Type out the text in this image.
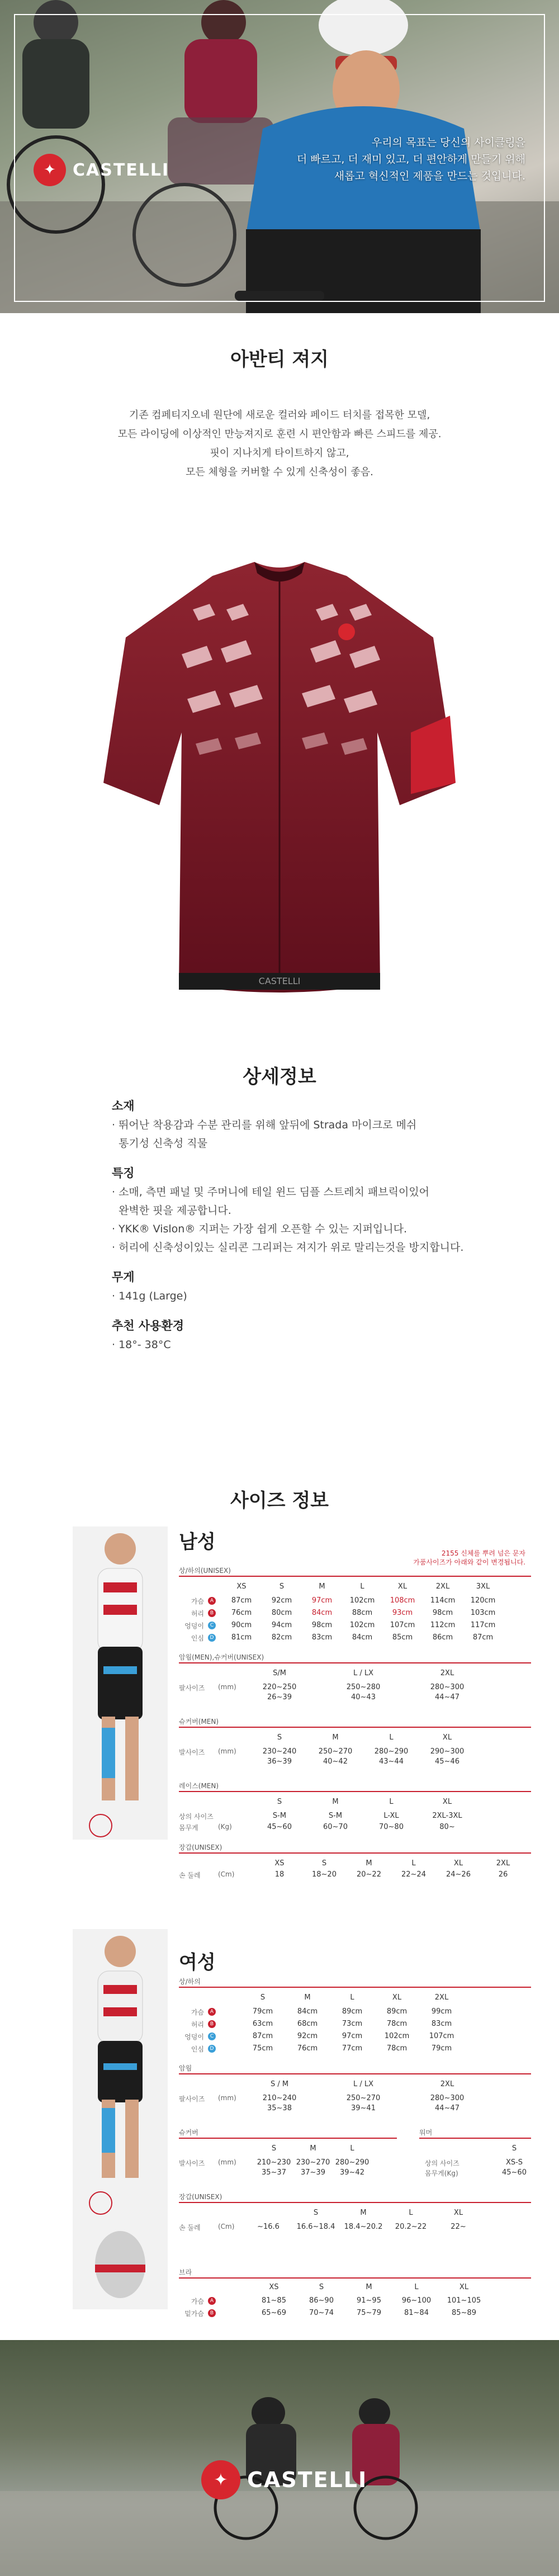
✦	CASTELLI
우리의 목표는 당신의 사이클링을
더 빠르고, 더 재미 있고, 더 편안하게 만들기 위해
새롭고 혁신적인 제품을 만드는 것입니다.
아반티 져지
기존 컴페티지오네 원단에 새로운 컬러와 페이드 터치를 접목한 모델,
모든 라이딩에 이상적인 만능져지로 훈련 시 편안함과 빠른 스피드를 제공.
핏이 지나치게 타이트하지 않고,
모든 체형을 커버할 수 있게 신축성이 좋음.
CASTELLI
상세정보
소재
· 뛰어난 착용감과 수분 관리를 위해 앞뒤에 Strada 마이크로 메쉬
통기성 신축성 직물
특징
· 소매, 측면 패널 및 주머니에 테일 윈드 딤플 스트레치 패브릭이있어
완벽한 핏을 제공합니다.
· YKK® Vislon® 지퍼는 가장 쉽게 오픈할 수 있는 지퍼입니다.
· 허리에 신축성이있는 실리콘 그리퍼는 져지가 위로 말리는것을 방지합니다.
무게
· 141g (Large)
추천 사용환경
· 18°- 38°C
사이즈 정보
남성	2155 신체를 뿌려 넘은 문자
가품사이즈가 아래와 같이 변경됩니다.
상/하의(UNISEX)
XS	S	M	L	XL	2XL	3XL
가슴	A	87cm	92cm	97cm	102cm	108cm	114cm	120cm
허리	B	76cm	80cm	84cm	88cm	93cm	98cm	103cm
엉덩이	C	90cm	94cm	98cm	102cm	107cm	112cm	117cm
인심	D	81cm	82cm	83cm	84cm	85cm	86cm	87cm
암웜(MEN),슈커버(UNISEX)
S/M	L / LX	2XL
팔사이즈 (mm)	220~250	250~280	280~300
26~39	40~43	44~47
슈커버(MEN)
S	M	L	XL
발사이즈 (mm)	230~240	250~270	280~290	290~300
36~39	40~42	43~44	45~46
레이스(MEN)
S	M	L	XL
상의 사이즈	S-M	S-M	L-XL	2XL-3XL
몸무게	(Kg)	45~60	60~70	70~80	80~
장갑(UNISEX)
XS	S	M	L	XL	2XL
손 둘레	(Cm)	18	18~20	20~22	22~24	24~26	26
여성
상/하의
S	M	L	XL	2XL
가슴	A	79cm	84cm	89cm	89cm	99cm
허리	B	63cm	68cm	73cm	78cm	83cm
엉덩이	C	87cm	92cm	97cm	102cm	107cm
인심	D	75cm	76cm	77cm	78cm	79cm
암웜
S / M	L / LX	2XL
팔사이즈 (mm)	210~240	250~270	280~300
35~38	39~41	44~47
슈커버	워머
S	M	L
발사이즈 (mm)	210~230 230~270 280~290
35~37	37~39	39~42
S
상의 사이즈	XS-S
몸무게(Kg)	45~60
장갑(UNISEX)
S	M	L	XL
손 둘레	(Cm)	~16.6	16.6~18.4 18.4~20.2	20.2~22	22~
브라
XS	S	M	L	XL
가슴	A	81~85	86~90	91~95	96~100	101~105
밑가슴	B	65~69	70~74	75~79	81~84	85~89
✦ CASTELLI
